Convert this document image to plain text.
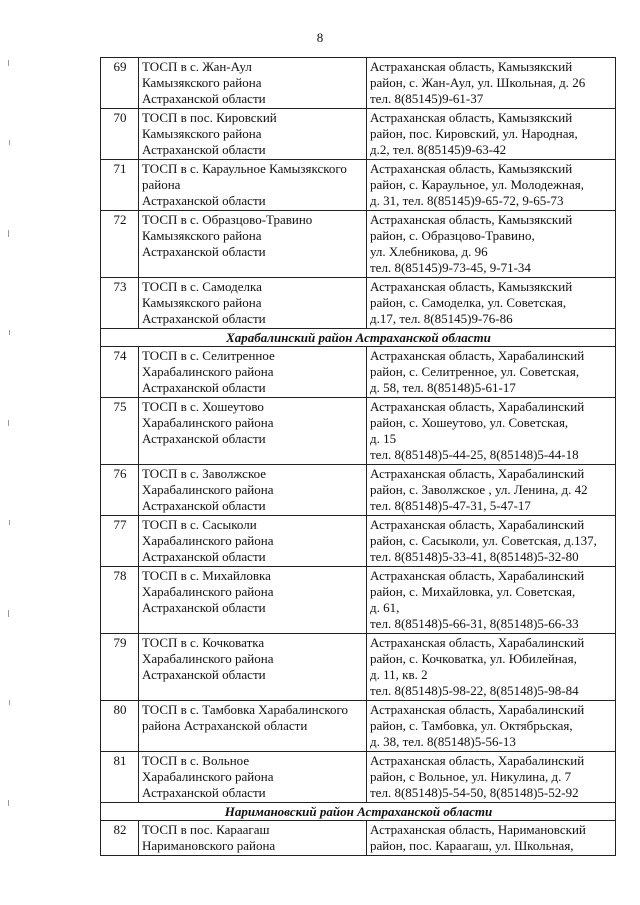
8
69	ТОСП в с. Жан-Аул
Камызякского района
Астраханской области	Астраханская область, Камызякский
район, с. Жан-Аул, ул. Школьная, д. 26
тел. 8(85145)9-61-37

70	ТОСП в пос. Кировский
Камызякского района
Астраханской области	Астраханская область, Камызякский
район, пос. Кировский, ул. Народная,
д.2, тел. 8(85145)9-63-42

71	ТОСП в с. Караульное Камызякского
района
Астраханской области	Астраханская область, Камызякский
район, с. Караульное, ул. Молодежная,
д. 31, тел. 8(85145)9-65-72, 9-65-73

72	ТОСП в с. Образцово-Травино
Камызякского района
Астраханской области	Астраханская область, Камызякский
район, с. Образцово-Травино,
ул. Хлебникова, д. 96
тел. 8(85145)9-73-45, 9-71-34

73	ТОСП в с. Самоделка
Камызякского района
Астраханской области	Астраханская область, Камызякский
район, с. Самоделка, ул. Советская,
д.17, тел. 8(85145)9-76-86

Харабалинский район Астраханской области		
74	ТОСП в с. Селитренное
Харабалинского района
Астраханской области	Астраханская область, Харабалинский
район, с. Селитренное, ул. Советская,
д. 58, тел. 8(85148)5-61-17

75	ТОСП в с. Хошеутово
Харабалинского района
Астраханской области	Астраханская область, Харабалинский
район, с. Хошеутово, ул. Советская,
д. 15
тел. 8(85148)5-44-25, 8(85148)5-44-18

76	ТОСП в с. Заволжское
Харабалинского района
Астраханской области	Астраханская область, Харабалинский
район, с. Заволжское , ул. Ленина, д. 42
тел. 8(85148)5-47-31, 5-47-17

77	ТОСП в с. Сасыколи
Харабалинского района
Астраханской области	Астраханская область, Харабалинский
район, с. Сасыколи, ул. Советская, д.137,
тел. 8(85148)5-33-41, 8(85148)5-32-80

78	ТОСП в с. Михайловка
Харабалинского района
Астраханской области	Астраханская область, Харабалинский
район, с. Михайловка, ул. Советская,
д. 61,
тел. 8(85148)5-66-31, 8(85148)5-66-33

79	ТОСП в с. Кочковатка
Харабалинского района
Астраханской области	Астраханская область, Харабалинский
район, с. Кочковатка, ул. Юбилейная,
д. 11, кв. 2
тел. 8(85148)5-98-22, 8(85148)5-98-84

80	ТОСП в с. Тамбовка Харабалинского
района Астраханской области	Астраханская область, Харабалинский
район, с. Тамбовка, ул. Октябрьская,
д. 38, тел. 8(85148)5-56-13

81	ТОСП в с. Вольное
Харабалинского района
Астраханской области	Астраханская область, Харабалинский
район, с Вольное, ул. Никулина, д. 7
тел. 8(85148)5-54-50, 8(85148)5-52-92

Наримановский район Астраханской области		
82	ТОСП в пос. Караагаш
Наримановского района	Астраханская область, Наримановский
район, пос. Караагаш, ул. Школьная,
